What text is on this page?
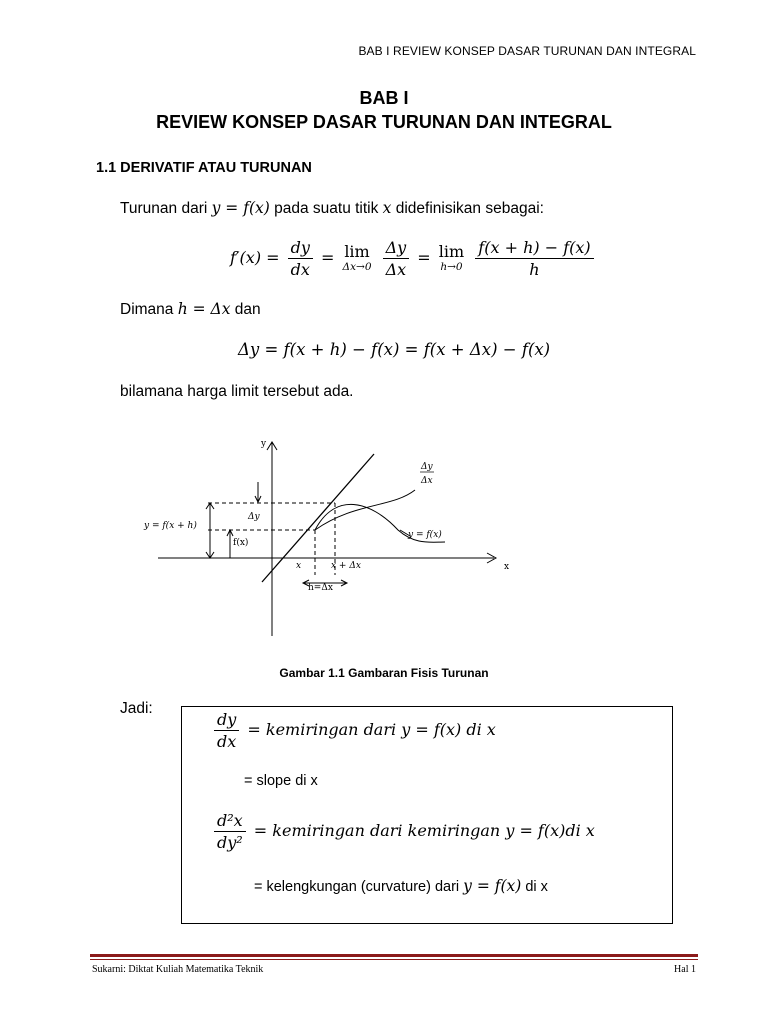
BAB I REVIEW KONSEP DASAR TURUNAN DAN INTEGRAL
BAB I
REVIEW KONSEP DASAR TURUNAN DAN INTEGRAL
1.1 DERIVATIF ATAU TURUNAN
Turunan dari y = f(x) pada suatu titik x didefinisikan sebagai:
$f'(x) = \frac{dy}{dx} = \lim$
Δx→0
$\frac{\Delta y}{\Delta x} = \lim$
h→0
$\frac{f(x + h) - f(x)}{h}$
Dimana h = Δx dan
Δy = f(x + h) − f(x) = f(x + Δx) − f(x)
bilamana harga limit tersebut ada.
y
x
y = f(x + h)
f(x)
Δy
Δy
Δx
y = f(x)
x	x + Δx
h=Δx
Gambar 1.1 Gambaran Fisis Turunan
Jadi:
$\frac{dy}{dx}$ = kemiringan dari y = f(x) di x
= slope di x
$\frac{\text{d²x}}{\text{dy²}}$ = kemiringan dari kemiringan y = f(x)di x
= kelengkungan (curvature) dari y = f(x) di x
Sukarni: Diktat Kuliah Matematika Teknik	Hal 1
